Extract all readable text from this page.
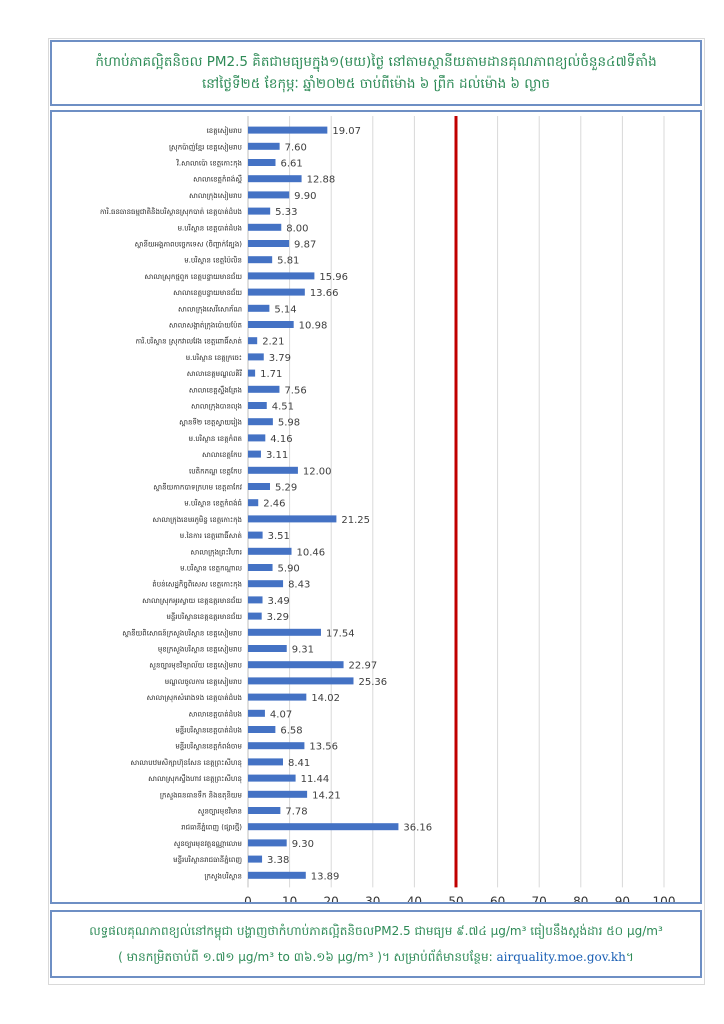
កំហាប់ភាគល្អិតនិចល PM2.5 គិតជាមធ្យមក្នុង១(មយ)ថ្ងៃ នៅតាមស្ថានីយតាមដានគុណភាពខ្យល់ចំនួន៤៧ទីតាំង
នៅថ្ងៃទី២៥ ខែកុម្ភៈ ឆ្នាំ២០២៥ ចាប់ពីម៉ោង ៦ ព្រឹក ដល់ម៉ោង ៦ ល្ងាច
0	10 20 30 40 50 60 70 80 90 100
ខេត្តសៀមរាប	19.07
ស្រុកប៉ាញ់ខ្មែរ ខេត្តសៀមរាប	7.60
វិ.សាលាប៉ោ ខេត្តកោះកុង	6.61
សាលាខេត្តកំពង់ស្ពឺ	12.88
សាលាក្រុងសៀមរាប	9.90
ការិ.ធនធានធម្មជាតិនិងបរិស្ថានស្រុកបាត់ ខេត្តបាត់ដំបង	5.33
ម.បរិស្ថាន ខេត្តបាត់ដំបង	8.00
ស្ថានីយអង្គភាពបច្ចេកទេស (ចិញ្ចាក់ត្បែង)	9.87
ម.បរិស្ថាន ខេត្តប៉ៃលិន	5.81
សាលាស្រុកថ្មពួក ខេត្តបន្ទាយមានជ័យ	15.96
សាលាខេត្តបន្ទាយមានជ័យ	13.66
សាលាក្រុងសេរីសោភ័ណ	5.14
សាលាសង្កាត់ក្រុងប៉ោយប៉ែត	10.98
ការិ.បរិស្ថាន ស្រុកវាលវែង ខេត្តពោធិ៍សាត់ 2.21
ម.បរិស្ថាន ខេត្តក្រចេះ	3.79
សាលាខេត្តមណ្ឌលគិរី 1.71
សាលាខេត្តស្ទឹងត្រែង	7.56
សាលាក្រុងបានលុង	4.51
ស្ពានទី២ ខេត្តស្វាយរៀង	5.98
ម.បរិស្ថាន ខេត្តកំពត	4.16
សាលាខេត្តកែប 3.11
បេតិកភណ្ឌ ខេត្តកែប	12.00
ស្ថានីយកាកបាទក្រហម ខេត្តតាកែវ	5.29
ម.បរិស្ថាន ខេត្តកំពង់ធំ 2.46
សាលាក្រុងខេមរភូមិន្ទ ខេត្តកោះកុង	21.25
ម.នៃការ ខេត្តពោធិ៍សាត់	3.51
សាលាក្រុងព្រះវិហារ	10.46
ម.បរិស្ថាន ខេត្តកណ្ដាល	5.90
តំបន់សេដ្ឋកិច្ចពិសេស ខេត្តកោះកុង	8.43
សាលាស្រុកអូរស្វាយ ខេត្តឧត្តរមានជ័យ	3.49
មន្ទីរបរិស្ថានខេត្តឧត្តរមានជ័យ 3.29
ស្ថានីយពិសោធន៍ក្រសួងបរិស្ថាន ខេត្តសៀមរាប	17.54
មុខក្រសួងបរិស្ថាន ខេត្តសៀមរាប	9.31
សួនច្បារមុខវិទ្យាល័យ ខេត្តសៀមរាប	22.97
មណ្ឌលចូលការ ខេត្តសៀមរាប	25.36
សាលាស្រុកសំរោងទង ខេត្តបាត់ដំបង	14.02
សាលាខេត្តបាត់ដំបង	4.07
មន្ទីរបរិស្ថានខេត្តបាត់ដំបង	6.58
មន្ទីរបរិស្ថានខេត្តកំពង់ចាម	13.56
សាលាបឋមសិក្សាហ៊ុនសែន ខេត្តព្រះសីហនុ	8.41
សាលាស្រុកស្ទឹងហាវ ខេត្តព្រះសីហនុ	11.44
ក្រសួងធនធានទឹក និងឧតុនិយម	14.21
សួនច្បារមុខវិមាន	7.78
រាជធានីភ្នំពេញ (ផ្សារថ្មី)	36.16
សួនច្បារមុខវត្តឧណ្ណាលោម	9.30
មន្ទីរបរិស្ថានរាជធានីភ្នំពេញ	3.38
ក្រសួងបរិស្ថាន	13.89
លទ្ធផលគុណភាពខ្យល់នៅកម្ពុជា បង្ហាញថាកំហាប់ភាគល្អិតនិចលPM2.5 ជាមធ្យម ៩.៧៤ µg/m³ ធៀបនឹងស្តង់ដារ ៥០ µg/m³
( មានកម្រិតចាប់ពី ១.៧១ µg/m³ to ៣៦.១៦ µg/m³ )។ សម្រាប់ព័ត៌មានបន្ថែម: airquality.moe.gov.kh។
